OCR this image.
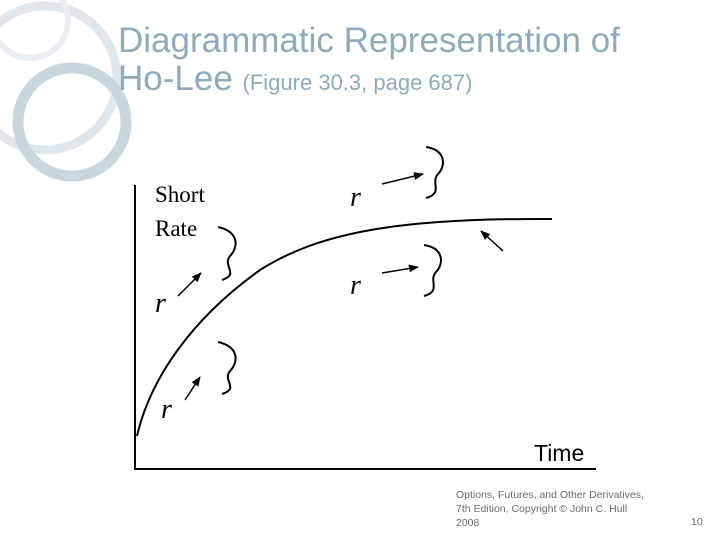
Diagrammatic Representation of
Ho-Lee (Figure 30.3, page 687)
Short
Rate
Time
r
r
r
r
Options, Futures, and Other Derivatives,
7th Edition, Copyright © John C. Hull
2008	10
